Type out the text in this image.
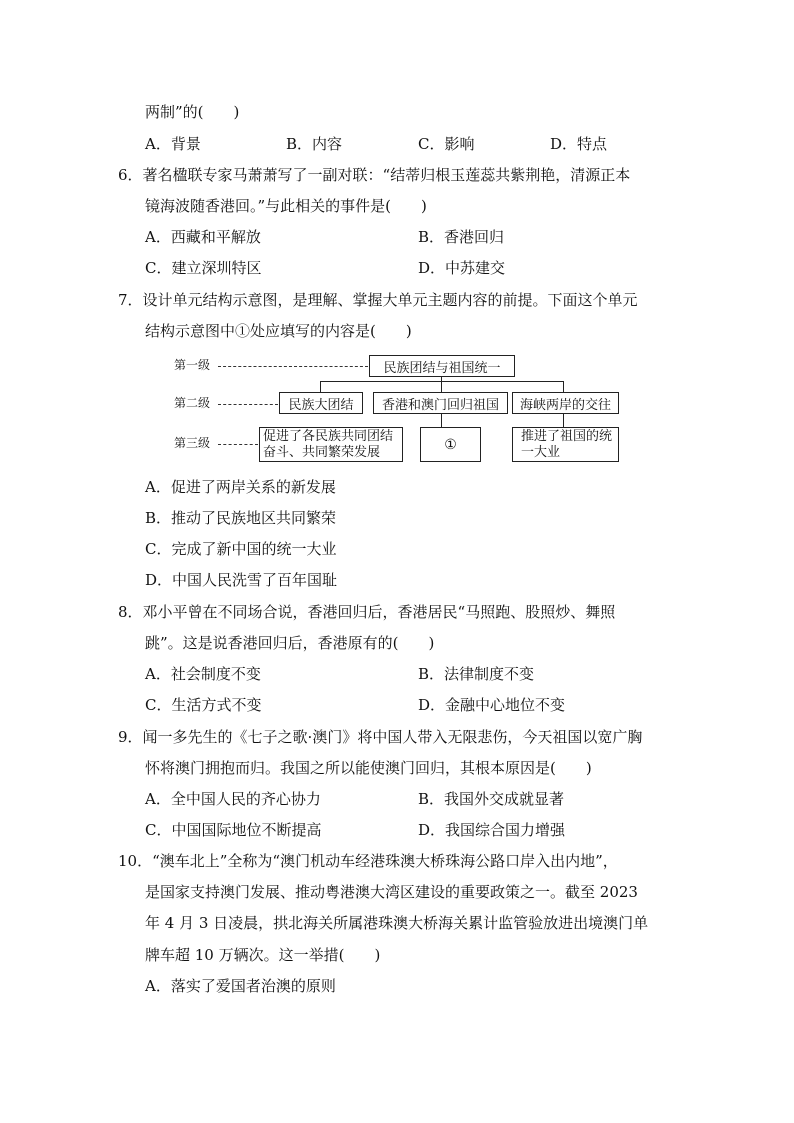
两制”的(　　)
A．背景	B．内容	C．影响	D．特点
6．著名楹联专家马萧萧写了一副对联：“结蒂归根玉莲蕊共紫荆艳，清源正本
镜海波随香港回。”与此相关的事件是(　　)
A．西藏和平解放	B．香港回归
C．建立深圳特区	D．中苏建交
7．设计单元结构示意图，是理解、掌握大单元主题内容的前提。下面这个单元
结构示意图中①处应填写的内容是(　　)
第一级	民族团结与祖国统一
第二级	民族大团结	香港和澳门回归祖国	海峡两岸的交往
第三级	促进了各民族共同团结奋斗、共同繁荣发展	①	推进了祖国的统一大业
A．促进了两岸关系的新发展
B．推动了民族地区共同繁荣
C．完成了新中国的统一大业
D．中国人民洗雪了百年国耻
8．邓小平曾在不同场合说，香港回归后，香港居民“马照跑、股照炒、舞照
跳”。这是说香港回归后，香港原有的(　　)
A．社会制度不变	B．法律制度不变
C．生活方式不变	D．金融中心地位不变
9．闻一多先生的《七子之歌·澳门》将中国人带入无限悲伤，今天祖国以宽广胸
怀将澳门拥抱而归。我国之所以能使澳门回归，其根本原因是(　　)
A．全中国人民的齐心协力	B．我国外交成就显著
C．中国国际地位不断提高	D．我国综合国力增强
10．“澳车北上”全称为“澳门机动车经港珠澳大桥珠海公路口岸入出内地”，
是国家支持澳门发展、推动粤港澳大湾区建设的重要政策之一。截至 2023
年 4 月 3 日凌晨，拱北海关所属港珠澳大桥海关累计监管验放进出境澳门单
牌车超 10 万辆次。这一举措(　　)
A．落实了爱国者治澳的原则
